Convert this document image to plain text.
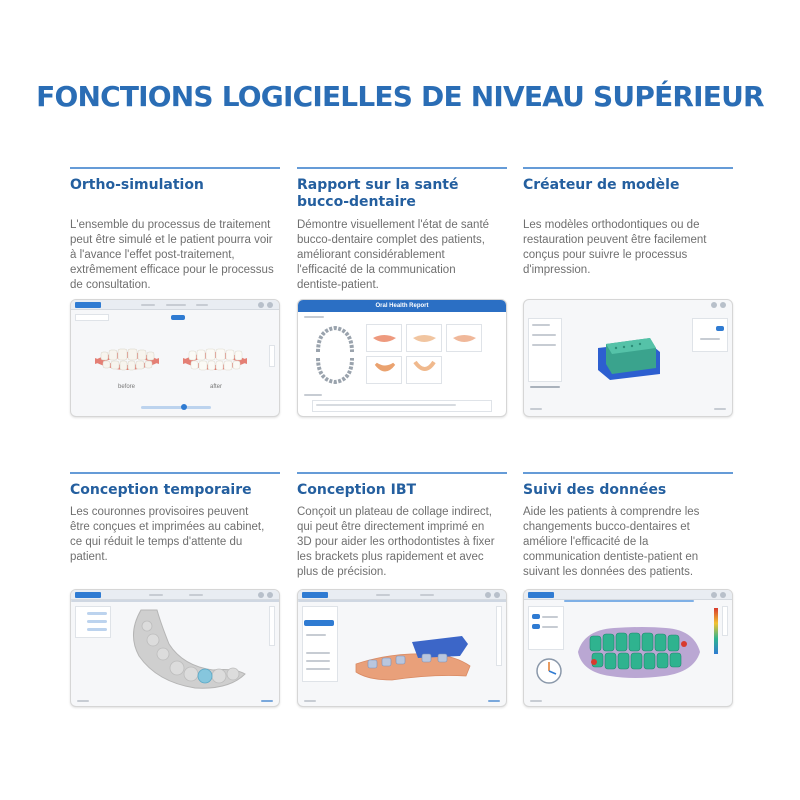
FONCTIONS LOGICIELLES DE NIVEAU SUPÉRIEUR
Ortho-simulation

L'ensemble du processus de traitement
peut être simulé et le patient pourra voir
à l'avance l'effet post-traitement,
extrêmement efficace pour le processus
de consultation.

before	after
Rapport sur la santé
bucco-dentaire

Démontre visuellement l'état de santé
bucco-dentaire complet des patients,
améliorant considérablement
l'efficacité de la communication
dentiste-patient.

Oral Health Report
Créateur de modèle

Les modèles orthodontiques ou de
restauration peuvent être facilement
conçus pour suivre le processus
d'impression.

Conception temporaire

Les couronnes provisoires peuvent
être conçues et imprimées au cabinet,
ce qui réduit le temps d'attente du
patient.

Conception IBT

Conçoit un plateau de collage indirect,
qui peut être directement imprimé en
3D pour aider les orthodontistes à fixer
les brackets plus rapidement et avec
plus de précision.

Suivi des données

Aide les patients à comprendre les
changements bucco-dentaires et
améliore l'efficacité de la
communication dentiste-patient en
suivant les données des patients.
